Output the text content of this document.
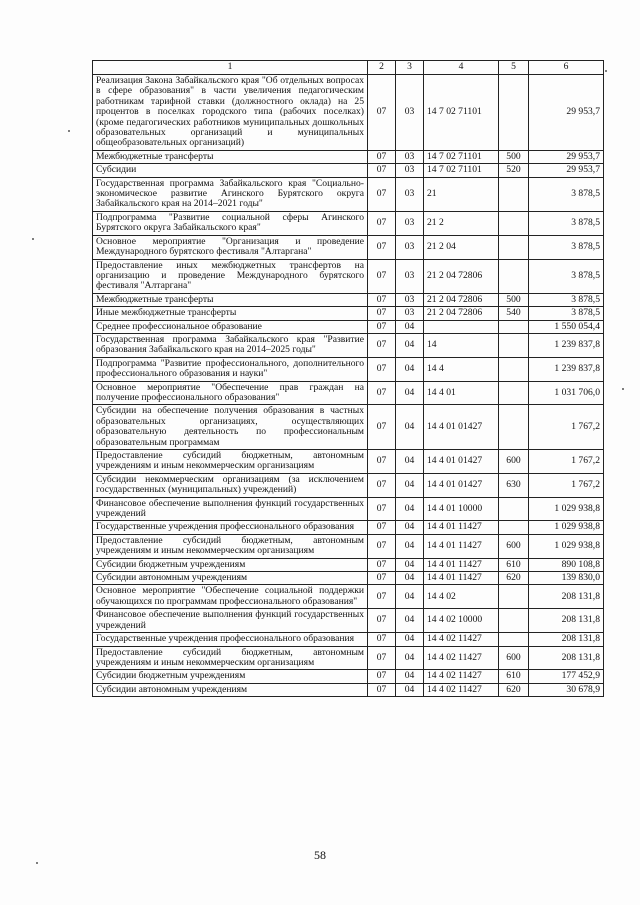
1	2	3	4	5	6
Реализация Закона Забайкальского края "Об отдельных вопросах в сфере образования" в части увеличения педагогическим работникам тарифной ставки (должностного оклада) на 25 процентов в поселках городского типа (рабочих поселках) (кроме педагогических работников муниципальных дошкольных образовательных организаций и муниципальных общеобразовательных организаций)	07	03	14 7 02 71101		29 953,7
Межбюджетные трансферты	07	03	14 7 02 71101	500	29 953,7
Субсидии	07	03	14 7 02 71101	520	29 953,7
Государственная программа Забайкальского края "Социально-экономическое развитие Агинского Бурятского округа Забайкальского края на 2014–2021 годы"	07	03	21		3 878,5
Подпрограмма "Развитие социальной сферы Агинского Бурятского округа Забайкальского края"	07	03	21 2		3 878,5
Основное мероприятие "Организация и проведение Международного бурятского фестиваля "Алтаргана"	07	03	21 2 04		3 878,5
Предоставление иных межбюджетных трансфертов на организацию и проведение Международного бурятского фестиваля "Алтаргана"	07	03	21 2 04 72806		3 878,5
Межбюджетные трансферты	07	03	21 2 04 72806	500	3 878,5
Иные межбюджетные трансферты	07	03	21 2 04 72806	540	3 878,5
Среднее профессиональное образование	07	04			1 550 054,4
Государственная программа Забайкальского края "Развитие образования Забайкальского края на 2014–2025 годы"	07	04	14		1 239 837,8
Подпрограмма "Развитие профессионального, дополнительного профессионального образования и науки"	07	04	14 4		1 239 837,8
Основное мероприятие "Обеспечение прав граждан на получение профессионального образования"	07	04	14 4 01		1 031 706,0
Субсидии на обеспечение получения образования в частных образовательных организациях, осуществляющих образовательную деятельность по профессиональным образовательным программам	07	04	14 4 01 01427		1 767,2
Предоставление субсидий бюджетным, автономным учреждениям и иным некоммерческим организациям	07	04	14 4 01 01427	600	1 767,2
Субсидии некоммерческим организациям (за исключением государственных (муниципальных) учреждений)	07	04	14 4 01 01427	630	1 767,2
Финансовое обеспечение выполнения функций государственных учреждений	07	04	14 4 01 10000		1 029 938,8
Государственные учреждения профессионального образования	07	04	14 4 01 11427		1 029 938,8
Предоставление субсидий бюджетным, автономным учреждениям и иным некоммерческим организациям	07	04	14 4 01 11427	600	1 029 938,8
Субсидии бюджетным учреждениям	07	04	14 4 01 11427	610	890 108,8
Субсидии автономным учреждениям	07	04	14 4 01 11427	620	139 830,0
Основное мероприятие "Обеспечение социальной поддержки обучающихся по программам профессионального образования"	07	04	14 4 02		208 131,8
Финансовое обеспечение выполнения функций государственных учреждений	07	04	14 4 02 10000		208 131,8
Государственные учреждения профессионального образования	07	04	14 4 02 11427		208 131,8
Предоставление субсидий бюджетным, автономным учреждениям и иным некоммерческим организациям	07	04	14 4 02 11427	600	208 131,8
Субсидии бюджетным учреждениям	07	04	14 4 02 11427	610	177 452,9
Субсидии автономным учреждениям	07	04	14 4 02 11427	620	30 678,9
58
